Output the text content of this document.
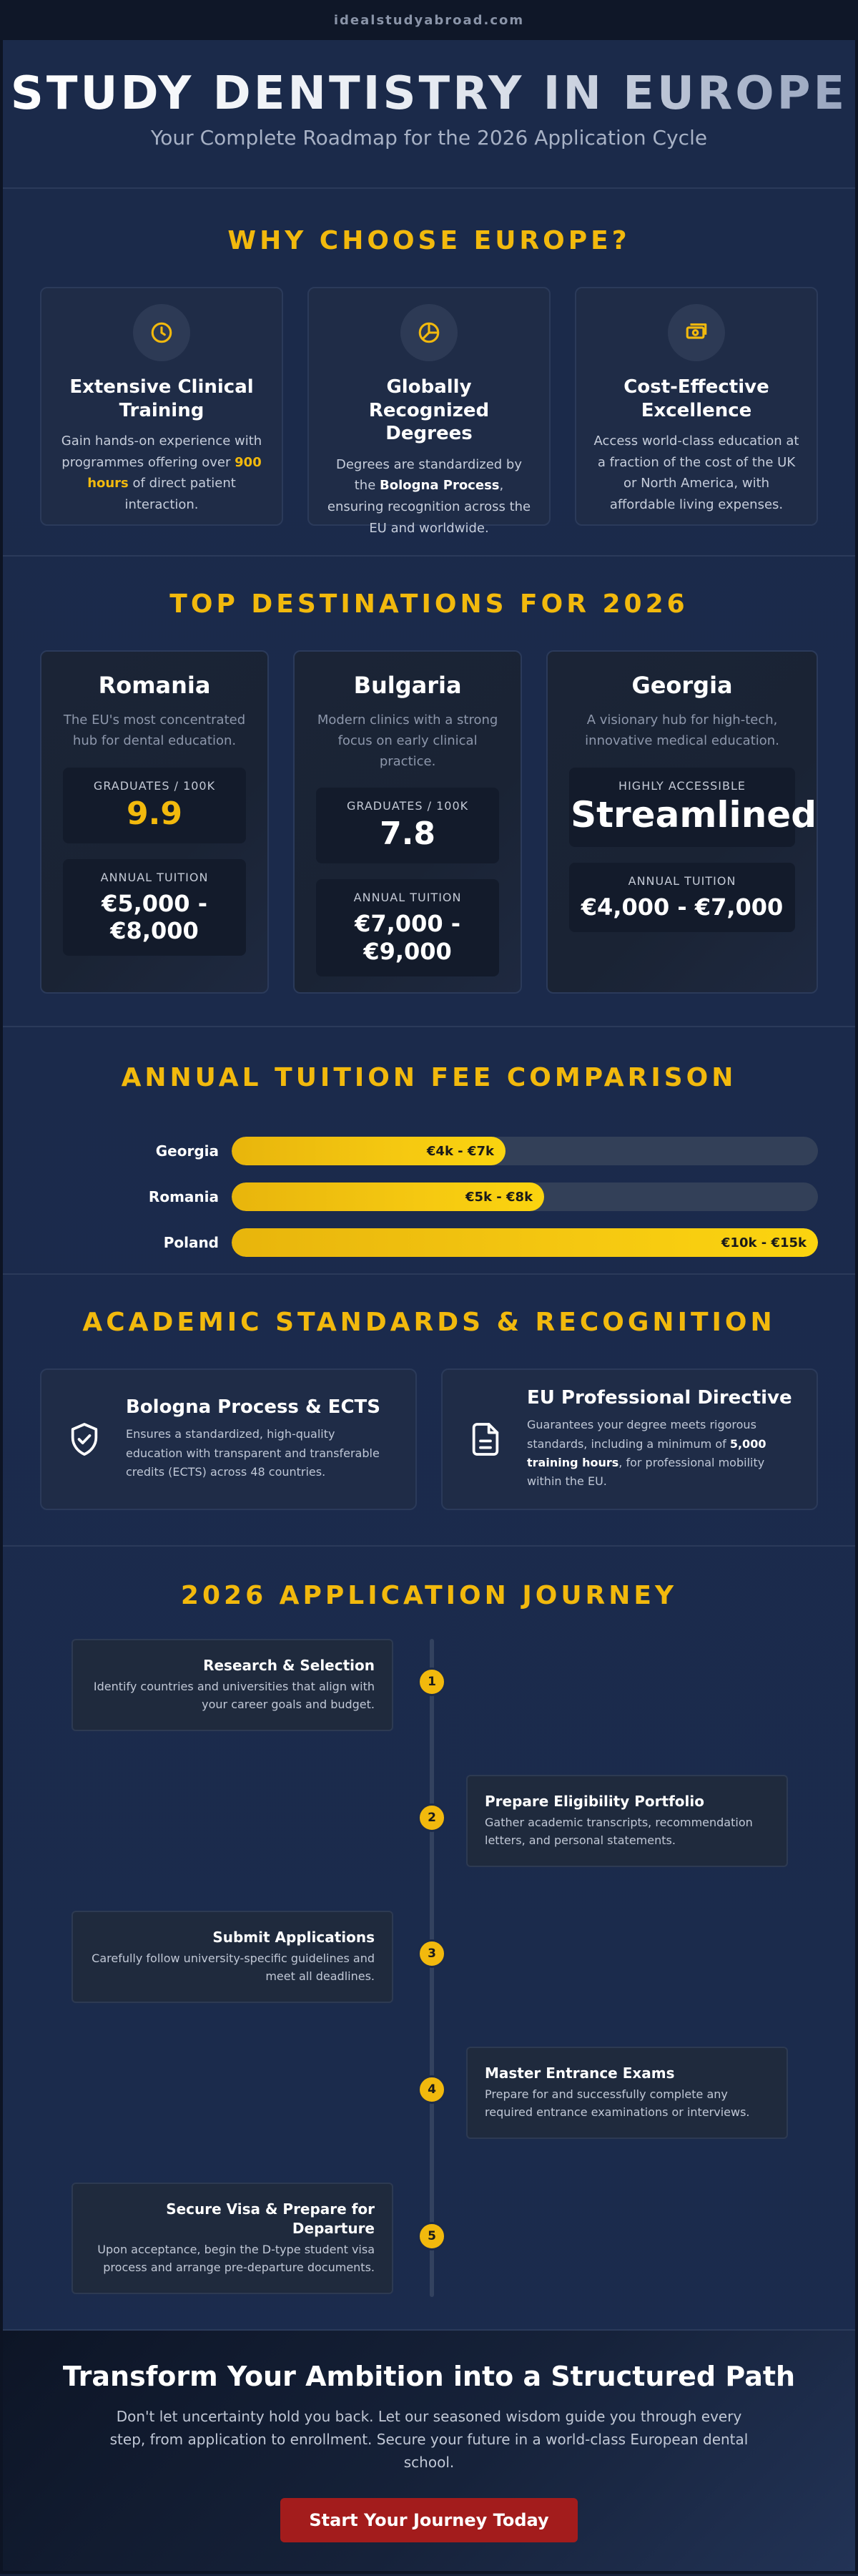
idealstudyabroad.com
STUDY DENTISTRY IN EUROPE

Your Complete Roadmap for the 2026 Application Cycle

WHY CHOOSE EUROPE?
Extensive Clinical Training

Gain hands-on experience with programmes offering over 900 hours of direct patient interaction.

Globally Recognized Degrees

Degrees are standardized by the Bologna Process, ensuring recognition across the EU and worldwide.

Cost-Effective Excellence

Access world-class education at a fraction of the cost of the UK or North America, with affordable living expenses.

TOP DESTINATIONS FOR 2026
Romania

The EU's most concentrated hub for dental education.

GRADUATES / 100K
9.9
ANNUAL TUITION
€5,000 - €8,000
Bulgaria

Modern clinics with a strong focus on early clinical practice.

GRADUATES / 100K
7.8
ANNUAL TUITION
€7,000 - €9,000
Georgia

A visionary hub for high-tech, innovative medical education.

HIGHLY ACCESSIBLE
Streamlined
ANNUAL TUITION
€4,000 - €7,000
ANNUAL TUITION FEE COMPARISON
Georgia	€4k - €7k
Romania	€5k - €8k
Poland	€10k - €15k
ACADEMIC STANDARDS & RECOGNITION
Bologna Process & ECTS

Ensures a standardized, high-quality education with transparent and transferable credits (ECTS) across 48 countries.

EU Professional Directive

Guarantees your degree meets rigorous standards, including a minimum of 5,000 training hours, for professional mobility within the EU.

2026 APPLICATION JOURNEY
Research & Selection

Identify countries and universities that align with your career goals and budget.

1
Prepare Eligibility Portfolio

Gather academic transcripts, recommendation letters, and personal statements.

2
Submit Applications

Carefully follow university-specific guidelines and meet all deadlines.

3
Master Entrance Exams

Prepare for and successfully complete any required entrance examinations or interviews.

4
Secure Visa & Prepare for Departure

Upon acceptance, begin the D-type student visa process and arrange pre-departure documents.

5
Transform Your Ambition into a Structured Path

Don't let uncertainty hold you back. Let our seasoned wisdom guide you through every step, from application to enrollment. Secure your future in a world-class European dental school.

Start Your Journey Today
